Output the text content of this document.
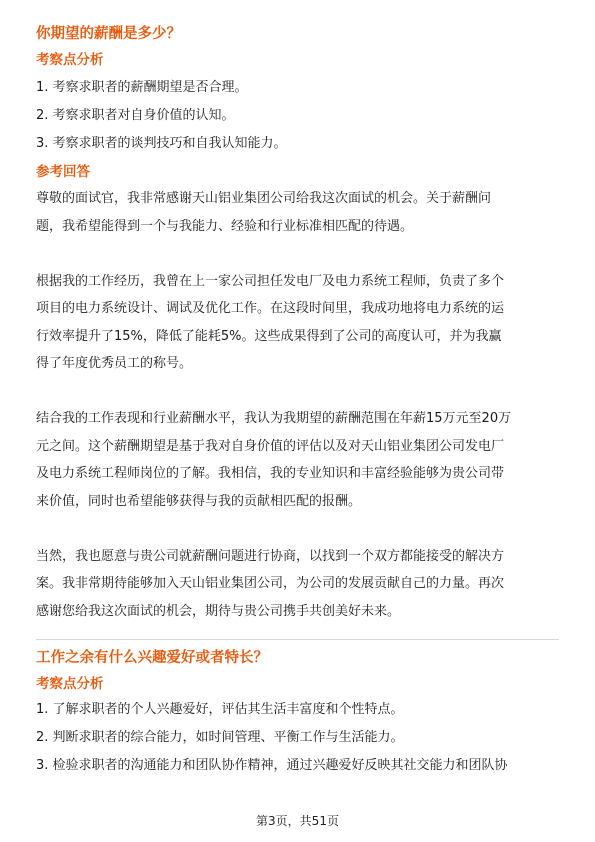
你期望的薪酬是多少？

考察点分析

1. 考察求职者的薪酬期望是否合理。

2. 考察求职者对自身价值的认知。

3. 考察求职者的谈判技巧和自我认知能力。

参考回答

尊敬的面试官，我非常感谢天山铝业集团公司给我这次面试的机会。关于薪酬问
题，我希望能得到一个与我能力、经验和行业标准相匹配的待遇。

根据我的工作经历，我曾在上一家公司担任发电厂及电力系统工程师，负责了多个
项目的电力系统设计、调试及优化工作。在这段时间里，我成功地将电力系统的运
行效率提升了15%，降低了能耗5%。这些成果得到了公司的高度认可，并为我赢
得了年度优秀员工的称号。

结合我的工作表现和行业薪酬水平，我认为我期望的薪酬范围在年薪15万元至20万
元之间。这个薪酬期望是基于我对自身价值的评估以及对天山铝业集团公司发电厂
及电力系统工程师岗位的了解。我相信，我的专业知识和丰富经验能够为贵公司带
来价值，同时也希望能够获得与我的贡献相匹配的报酬。

当然，我也愿意与贵公司就薪酬问题进行协商，以找到一个双方都能接受的解决方
案。我非常期待能够加入天山铝业集团公司，为公司的发展贡献自己的力量。再次
感谢您给我这次面试的机会，期待与贵公司携手共创美好未来。

工作之余有什么兴趣爱好或者特长？

考察点分析

1. 了解求职者的个人兴趣爱好，评估其生活丰富度和个性特点。

2. 判断求职者的综合能力，如时间管理、平衡工作与生活能力。

3. 检验求职者的沟通能力和团队协作精神，通过兴趣爱好反映其社交能力和团队协

第3页，共51页
